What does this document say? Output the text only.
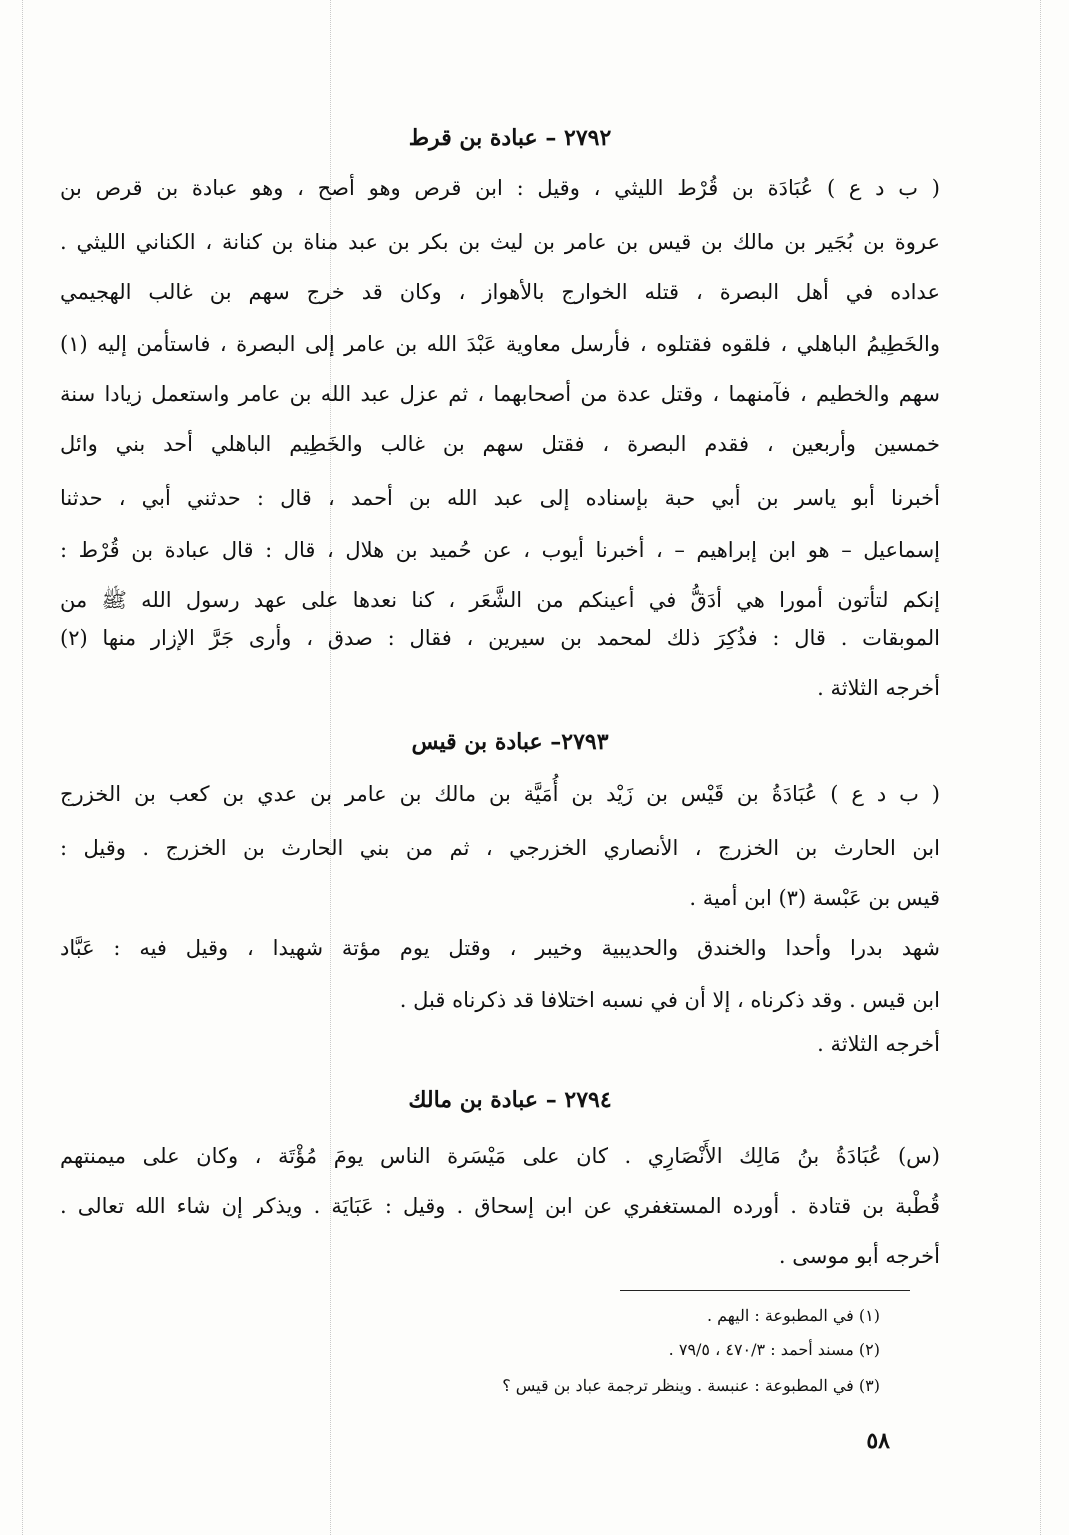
٢٧٩٢ – عبادة بن قرط
( ب د ع ) عُبَادَة بن قُرْط الليثي ، وقيل : ابن قرص وهو أصح ، وهو عبادة بن قرص بن
عروة بن بُجَير بن مالك بن قيس بن عامر بن ليث بن بكر بن عبد مناة بن كنانة ، الكناني الليثي .
عداده في أهل البصرة ، قتله الخوارج بالأهواز ، وكان قد خرج سهم بن غالب الهجيمي
والخَطِيمُ الباهلي ، فلقوه فقتلوه ، فأرسل معاوية عَبْدَ الله بن عامر إلى البصرة ، فاستأمن إليه (١)
سهم والخطيم ، فآمنهما ، وقتل عدة من أصحابهما ، ثم عزل عبد الله بن عامر واستعمل زيادا سنة
خمسين وأربعين ، فقدم البصرة ، فقتل سهم بن غالب والخَطِيم الباهلي أحد بني وائل
أخبرنا أبو ياسر بن أبي حبة بإسناده إلى عبد الله بن أحمد ، قال : حدثني أبي ، حدثنا
إسماعيل – هو ابن إبراهيم – ، أخبرنا أيوب ، عن حُميد بن هلال ، قال : قال عبادة بن قُرْط :
إنكم لتأتون أمورا هي أدَقُّ في أعينكم من الشَّعَر ، كنا نعدها على عهد رسول الله ﷺ من
الموبقات . قال : فذُكِرَ ذلك لمحمد بن سيرين ، فقال : صدق ، وأرى جَرَّ الإزار منها (٢)
أخرجه الثلاثة .
٢٧٩٣– عبادة بن قيس
( ب د ع ) عُبَادَةُ بن قَيْس بن زَيْد بن أُمَيَّة بن مالك بن عامر بن عدي بن كعب بن الخزرج
ابن الحارث بن الخزرج ، الأنصاري الخزرجي ، ثم من بني الحارث بن الخزرج . وقيل :
قيس بن عَبْسة (٣) ابن أمية .
شهد بدرا وأحدا والخندق والحديبية وخيبر ، وقتل يوم مؤتة شهيدا ، وقيل فيه : عَبَّاد
ابن قيس . وقد ذكرناه ، إلا أن في نسبه اختلافا قد ذكرناه قبل .
أخرجه الثلاثة .
٢٧٩٤ – عبادة بن مالك
(س) عُبَادَةُ بنُ مَالِك الأَنْصَارِي . كان على مَيْسَرة الناس يومَ مُؤْتَة ، وكان على ميمنتهم
قُطْبة بن قتادة . أورده المستغفري عن ابن إسحاق . وقيل : عَبَايَة . ويذكر إن شاء الله تعالى .
أخرجه أبو موسى .
(١) في المطبوعة : اليهم .
(٢) مسند أحمد : ٤٧٠/٣ ، ٧٩/٥ .
(٣) في المطبوعة : عنبسة . وينظر ترجمة عباد بن قيس ؟
٥٨
